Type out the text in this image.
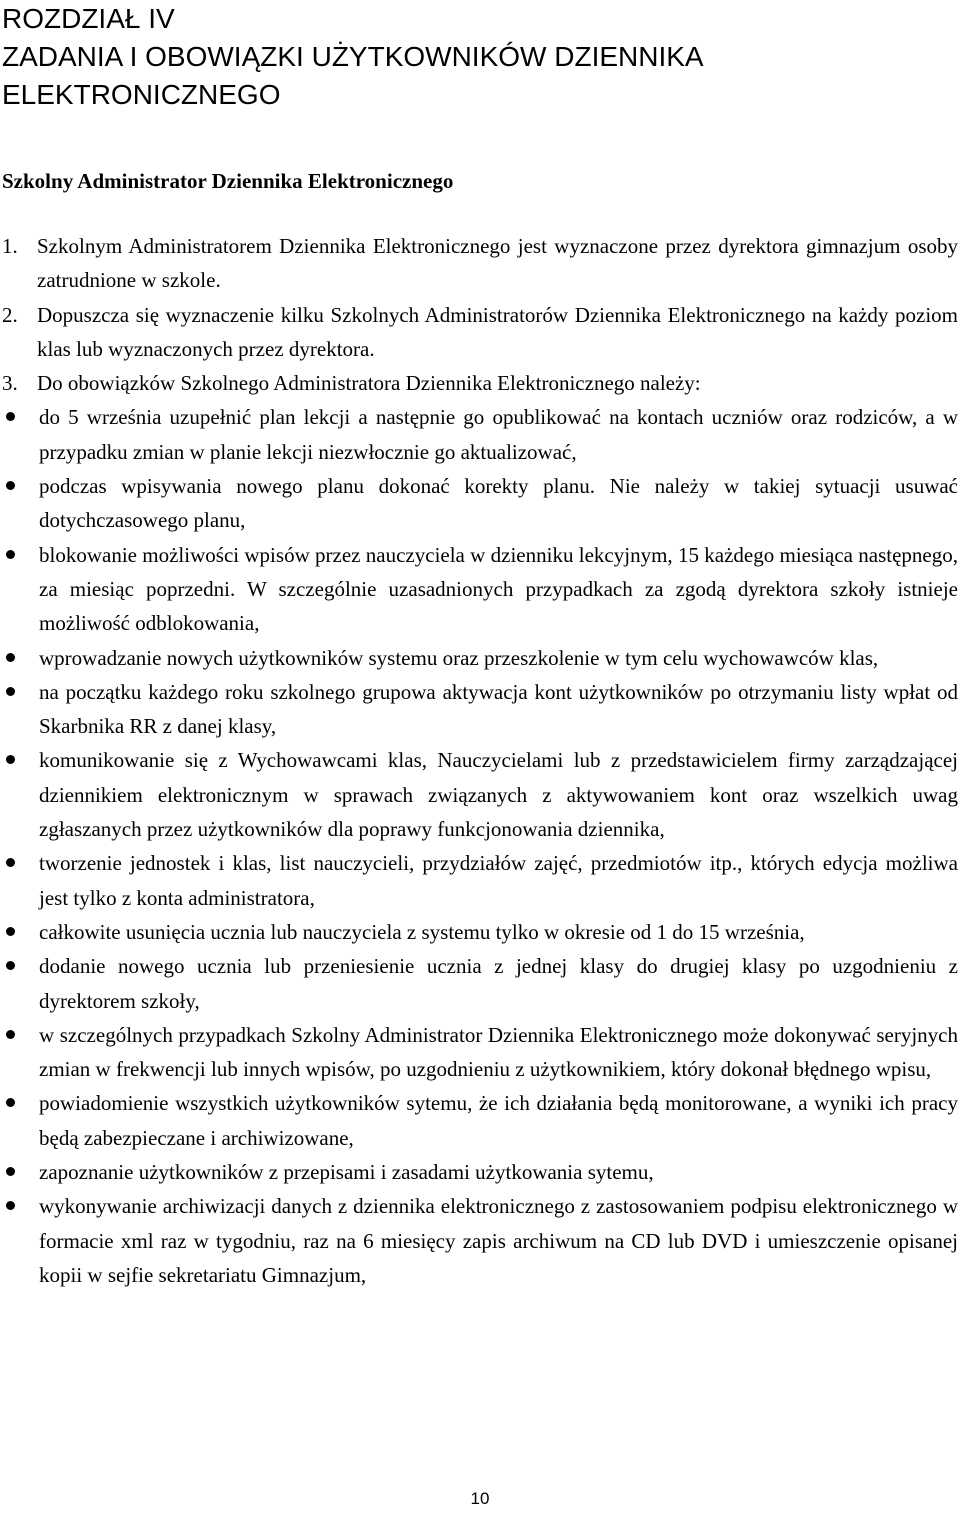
ROZDZIAŁ IV
ZADANIA I OBOWIĄZKI UŻYTKOWNIKÓW DZIENNIKA
ELEKTRONICZNEGO
Szkolny Administrator Dziennika Elektronicznego
1. Szkolnym Administratorem Dziennika Elektronicznego jest wyznaczone przez dyrektora gimnazjum osoby zatrudnione w szkole.
2. Dopuszcza się wyznaczenie kilku Szkolnych Administratorów Dziennika Elektronicznego na każdy poziom klas lub wyznaczonych przez dyrektora.
3. Do obowiązków Szkolnego Administratora Dziennika Elektronicznego należy:
do 5 września uzupełnić plan lekcji a następnie go opublikować na kontach uczniów oraz rodziców, a w przypadku zmian w planie lekcji niezwłocznie go aktualizować,
podczas wpisywania nowego planu dokonać korekty planu. Nie należy w takiej sytuacji usuwać dotychczasowego planu,
blokowanie możliwości wpisów przez nauczyciela w dzienniku lekcyjnym, 15 każdego miesiąca następnego, za miesiąc poprzedni. W szczególnie uzasadnionych przypadkach za zgodą dyrektora szkoły istnieje możliwość odblokowania,
wprowadzanie nowych użytkowników systemu oraz przeszkolenie w tym celu wychowawców klas,
na początku każdego roku szkolnego grupowa aktywacja kont użytkowników po otrzymaniu listy wpłat od Skarbnika RR z danej klasy,
komunikowanie się z Wychowawcami klas, Nauczycielami lub z przedstawicielem firmy zarządzającej dziennikiem elektronicznym w sprawach związanych z aktywowaniem kont oraz wszelkich uwag zgłaszanych przez użytkowników dla poprawy funkcjonowania dziennika,
tworzenie jednostek i klas, list nauczycieli, przydziałów zajęć, przedmiotów itp., których edycja możliwa jest tylko z konta administratora,
całkowite usunięcia ucznia lub nauczyciela z systemu tylko w okresie od 1 do 15 września,
dodanie nowego ucznia lub przeniesienie ucznia z jednej klasy do drugiej klasy po uzgodnieniu z dyrektorem szkoły,
w szczególnych przypadkach Szkolny Administrator Dziennika Elektronicznego może dokonywać seryjnych zmian w frekwencji lub innych wpisów, po uzgodnieniu z użytkownikiem, który dokonał błędnego wpisu,
powiadomienie wszystkich użytkowników sytemu, że ich działania będą monitorowane, a wyniki ich pracy będą zabezpieczane i archiwizowane,
zapoznanie użytkowników z przepisami i zasadami użytkowania sytemu,
wykonywanie archiwizacji danych z dziennika elektronicznego z zastosowaniem podpisu elektronicznego w formacie xml raz w tygodniu, raz na 6 miesięcy zapis archiwum na CD lub DVD i umieszczenie opisanej kopii w sejfie sekretariatu Gimnazjum,
10
